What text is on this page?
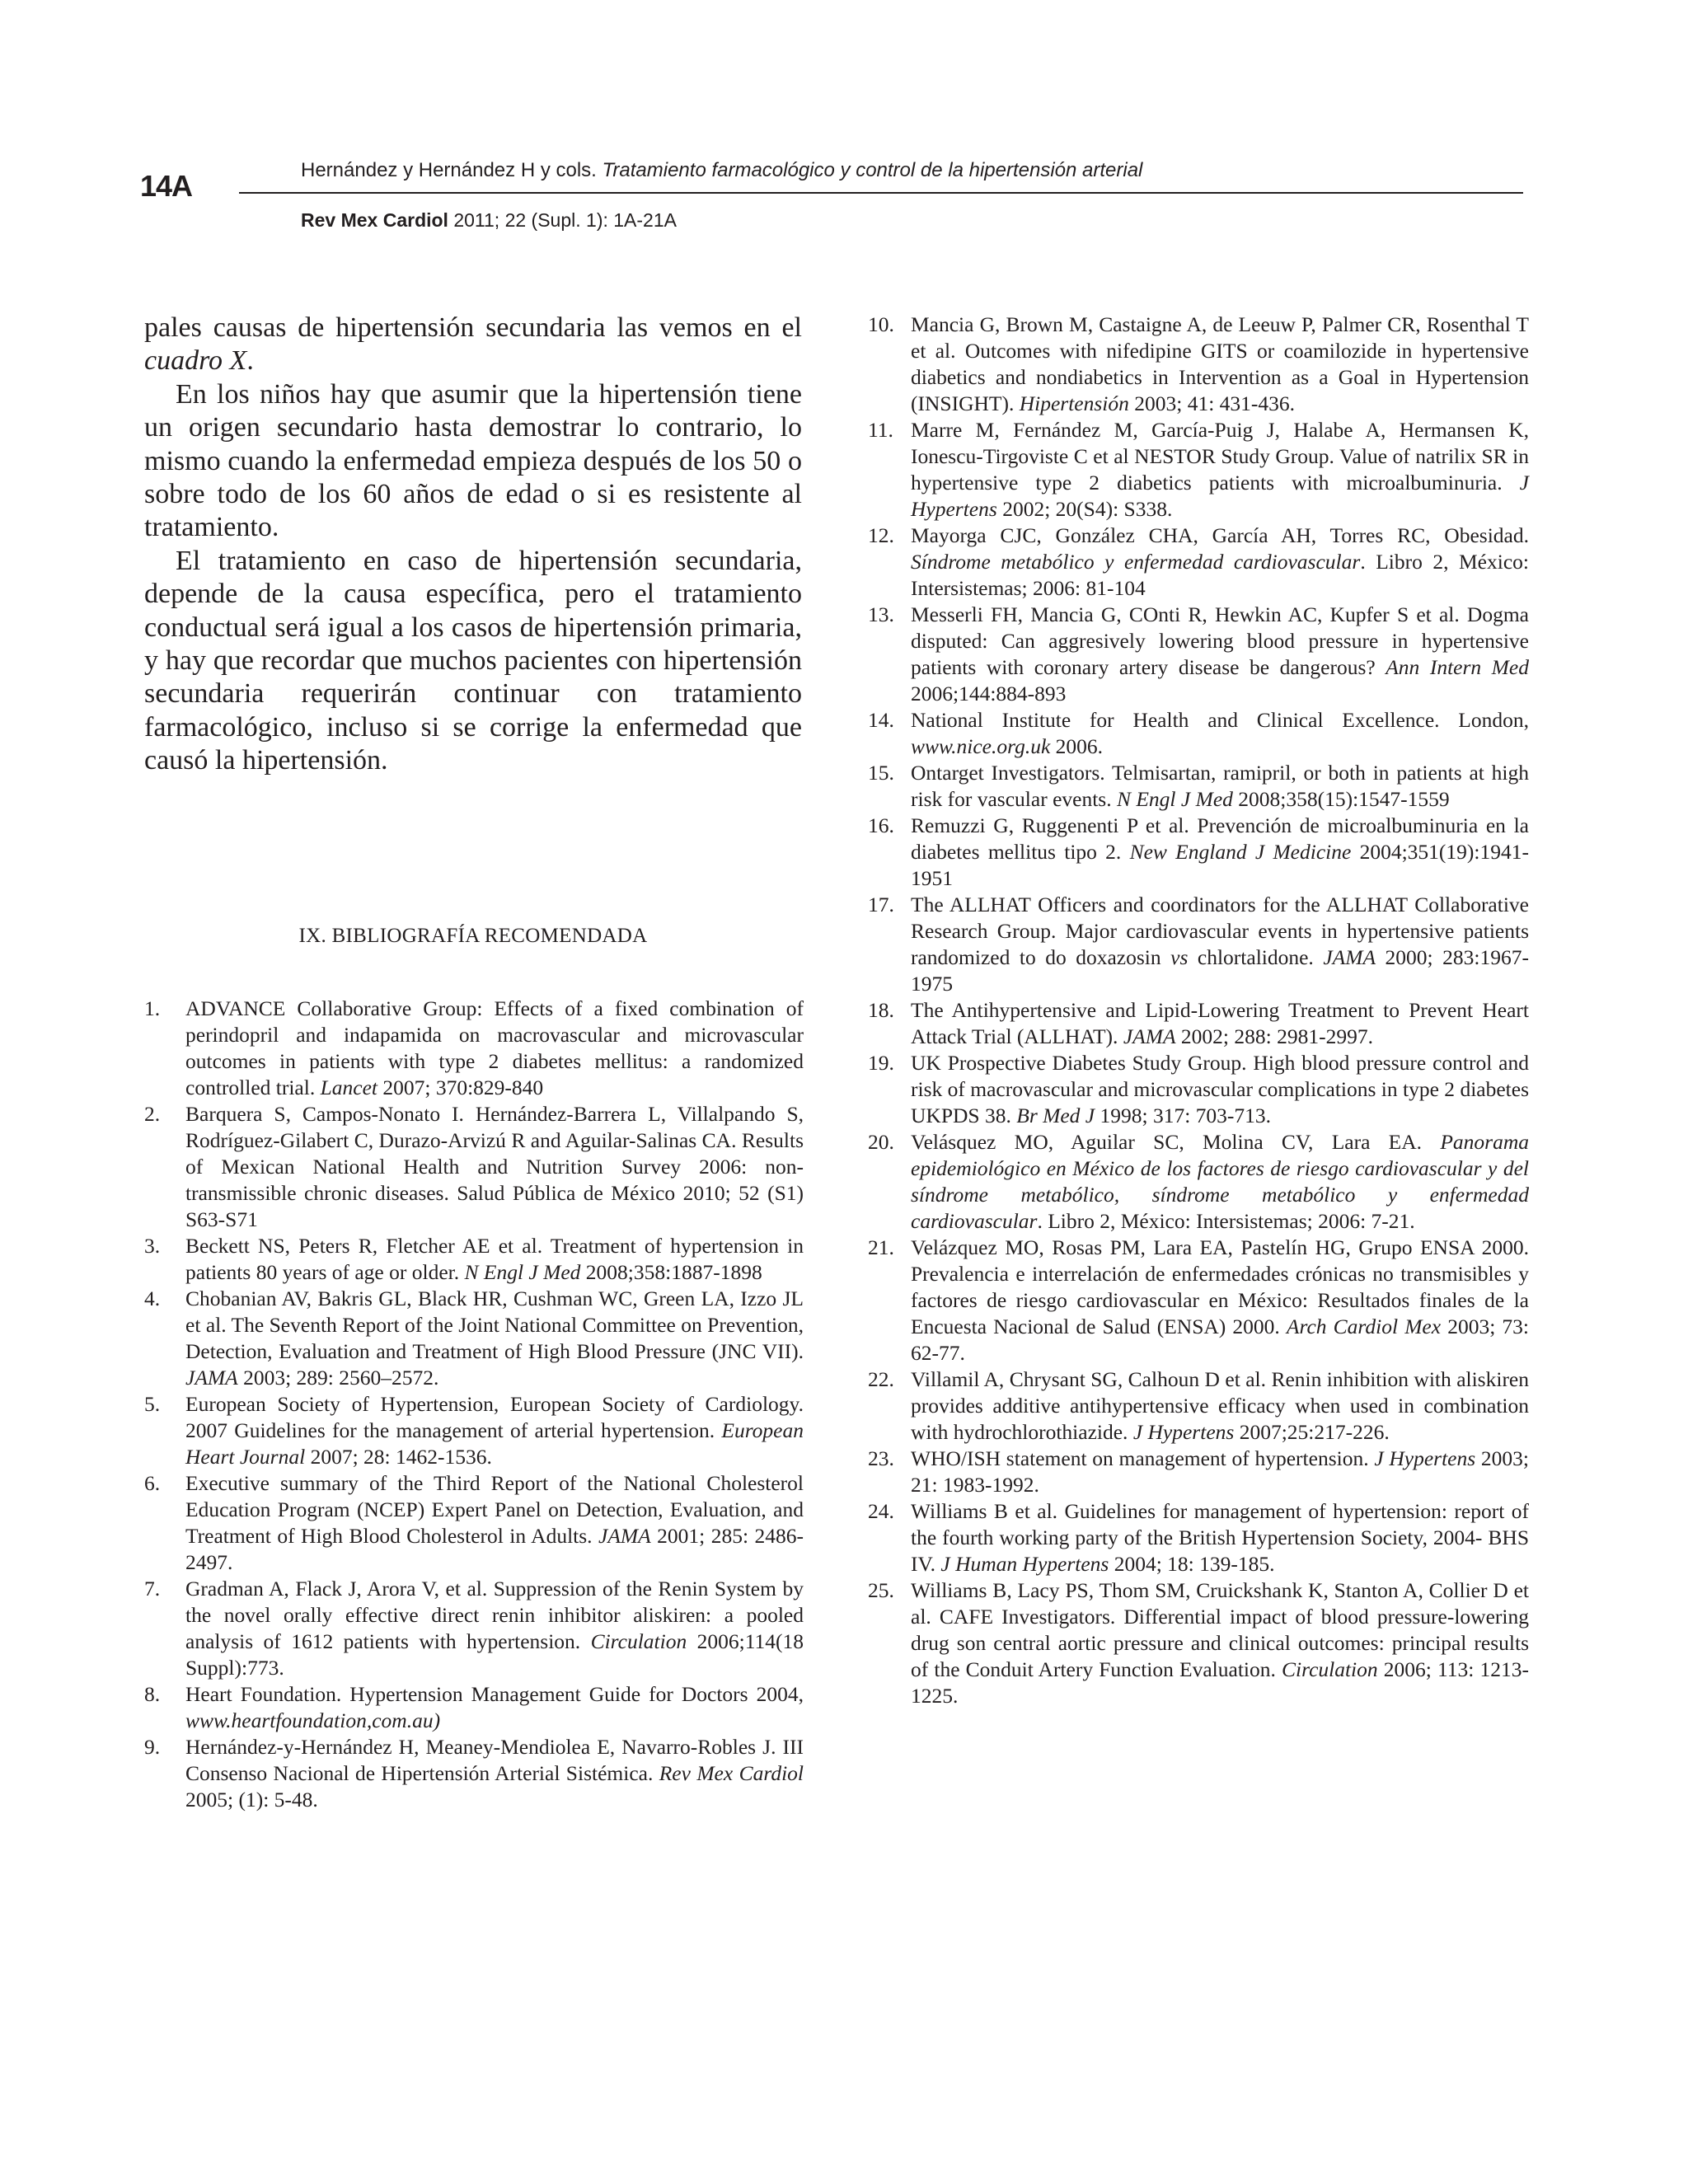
14A	Hernández y Hernández H y cols. Tratamiento farmacológico y control de la hipertensión arterial
Rev Mex Cardiol 2011; 22 (Supl. 1): 1A-21A

pales causas de hipertensión secundaria las vemos en el cuadro X.

En los niños hay que asumir que la hipertensión tiene un origen secundario hasta demostrar lo contrario, lo mismo cuando la enfermedad empieza después de los 50 o sobre todo de los 60 años de edad o si es resistente al tratamiento.

El tratamiento en caso de hipertensión secundaria, depende de la causa específica, pero el tratamiento conductual será igual a los casos de hipertensión primaria, y hay que recordar que muchos pacientes con hipertensión secundaria requerirán continuar con tratamiento farmacológico, incluso si se corrige la enfermedad que causó la hipertensión.

IX. BIBLIOGRAFÍA RECOMENDADA
1. ADVANCE Collaborative Group: Effects of a fixed combination of perindopril and indapamida on macrovascular and microvascular outcomes in patients with type 2 diabetes mellitus: a randomized controlled trial. Lancet 2007; 370:829-840
2. Barquera S, Campos-Nonato I. Hernández-Barrera L, Villalpando S, Rodríguez-Gilabert C, Durazo-Arvizú R and Aguilar-Salinas CA. Results of Mexican National Health and Nutrition Survey 2006: non-transmissible chronic diseases. Salud Pública de México 2010; 52 (S1) S63-S71
3. Beckett NS, Peters R, Fletcher AE et al. Treatment of hypertension in patients 80 years of age or older. N Engl J Med 2008;358:1887-1898
4. Chobanian AV, Bakris GL, Black HR, Cushman WC, Green LA, Izzo JL et al. The Seventh Report of the Joint National Committee on Prevention, Detection, Evaluation and Treatment of High Blood Pressure (JNC VII). JAMA 2003; 289: 2560–2572.
5. European Society of Hypertension, European Society of Cardiology. 2007 Guidelines for the management of arterial hypertension. European Heart Journal 2007; 28: 1462-1536.
6. Executive summary of the Third Report of the National Cholesterol Education Program (NCEP) Expert Panel on Detection, Evaluation, and Treatment of High Blood Cholesterol in Adults. JAMA 2001; 285: 2486-2497.
7. Gradman A, Flack J, Arora V, et al. Suppression of the Renin System by the novel orally effective direct renin inhibitor aliskiren: a pooled analysis of 1612 patients with hypertension. Circulation 2006;114(18 Suppl):773.
8. Heart Foundation. Hypertension Management Guide for Doctors 2004, www.heartfoundation,com.au)
9. Hernández-y-Hernández H, Meaney-Mendiolea E, Navarro-Robles J. III Consenso Nacional de Hipertensión Arterial Sistémica. Rev Mex Cardiol 2005; (1): 5-48.
10. Mancia G, Brown M, Castaigne A, de Leeuw P, Palmer CR, Rosenthal T et al. Outcomes with nifedipine GITS or coamilozide in hypertensive diabetics and nondiabetics in Intervention as a Goal in Hypertension (INSIGHT). Hipertensión 2003; 41: 431-436.
11. Marre M, Fernández M, García-Puig J, Halabe A, Hermansen K, Ionescu-Tirgoviste C et al NESTOR Study Group. Value of natrilix SR in hypertensive type 2 diabetics patients with microalbuminuria. J Hypertens 2002; 20(S4): S338.
12. Mayorga CJC, González CHA, García AH, Torres RC, Obesidad. Síndrome metabólico y enfermedad cardiovascular. Libro 2, México: Intersistemas; 2006: 81-104
13. Messerli FH, Mancia G, COnti R, Hewkin AC, Kupfer S et al. Dogma disputed: Can aggresively lowering blood pressure in hypertensive patients with coronary artery disease be dangerous? Ann Intern Med 2006;144:884-893
14. National Institute for Health and Clinical Excellence. London, www.nice.org.uk 2006.
15. Ontarget Investigators. Telmisartan, ramipril, or both in patients at high risk for vascular events. N Engl J Med 2008;358(15):1547-1559
16. Remuzzi G, Ruggenenti P et al. Prevención de microalbuminuria en la diabetes mellitus tipo 2. New England J Medicine 2004;351(19):1941-1951
17. The ALLHAT Officers and coordinators for the ALLHAT Collaborative Research Group. Major cardiovascular events in hypertensive patients randomized to do doxazosin vs chlortalidone. JAMA 2000; 283:1967-1975
18. The Antihypertensive and Lipid-Lowering Treatment to Prevent Heart Attack Trial (ALLHAT). JAMA 2002; 288: 2981-2997.
19. UK Prospective Diabetes Study Group. High blood pressure control and risk of macrovascular and microvascular complications in type 2 diabetes UKPDS 38. Br Med J 1998; 317: 703-713.
20. Velásquez MO, Aguilar SC, Molina CV, Lara EA. Panorama epidemiológico en México de los factores de riesgo cardiovascular y del síndrome metabólico, síndrome metabólico y enfermedad cardiovascular. Libro 2, México: Intersistemas; 2006: 7-21.
21. Velázquez MO, Rosas PM, Lara EA, Pastelín HG, Grupo ENSA 2000. Prevalencia e interrelación de enfermedades crónicas no transmisibles y factores de riesgo cardiovascular en México: Resultados finales de la Encuesta Nacional de Salud (ENSA) 2000. Arch Cardiol Mex 2003; 73: 62-77.
22. Villamil A, Chrysant SG, Calhoun D et al. Renin inhibition with aliskiren provides additive antihypertensive efficacy when used in combination with hydrochlorothiazide. J Hypertens 2007;25:217-226.
23. WHO/ISH statement on management of hypertension. J Hypertens 2003; 21: 1983-1992.
24. Williams B et al. Guidelines for management of hypertension: report of the fourth working party of the British Hypertension Society, 2004- BHS IV. J Human Hypertens 2004; 18: 139-185.
25. Williams B, Lacy PS, Thom SM, Cruickshank K, Stanton A, Collier D et al. CAFE Investigators. Differential impact of blood pressure-lowering drug son central aortic pressure and clinical outcomes: principal results of the Conduit Artery Function Evaluation. Circulation 2006; 113: 1213-1225.
